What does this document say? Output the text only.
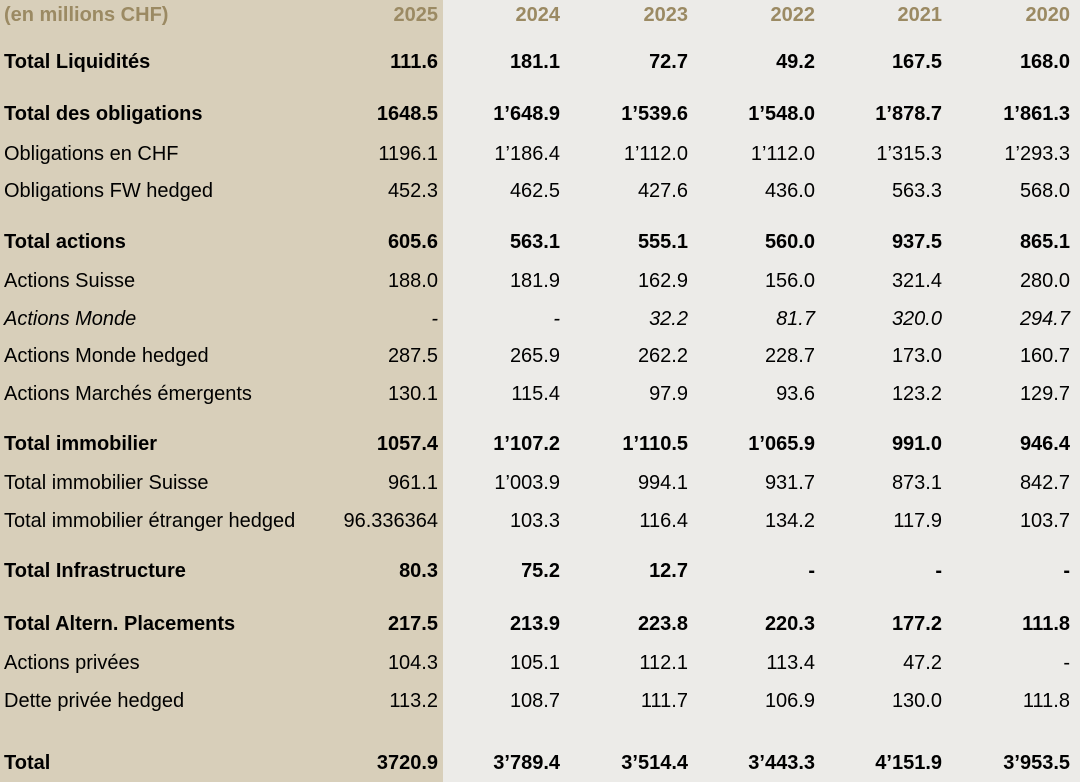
(en millions CHF)	2025	2024	2023	2022	2021	2020
Total Liquidités	111.6	181.1	72.7	49.2	167.5	168.0
Total des obligations	1648.5	1’648.9	1’539.6	1’548.0	1’878.7	1’861.3
Obligations en CHF	1196.1	1’186.4	1’112.0	1’112.0	1’315.3	1’293.3
Obligations FW hedged	452.3	462.5	427.6	436.0	563.3	568.0
Total actions	605.6	563.1	555.1	560.0	937.5	865.1
Actions Suisse	188.0	181.9	162.9	156.0	321.4	280.0
Actions Monde	-	-	32.2	81.7	320.0	294.7
Actions Monde hedged	287.5	265.9	262.2	228.7	173.0	160.7
Actions Marchés émergents	130.1	115.4	97.9	93.6	123.2	129.7
Total immobilier	1057.4	1’107.2	1’110.5	1’065.9	991.0	946.4
Total immobilier Suisse	961.1	1’003.9	994.1	931.7	873.1	842.7
Total immobilier étranger hedged 96.336364	103.3	116.4	134.2	117.9	103.7
Total Infrastructure	80.3	75.2	12.7	-	-	-
Total Altern. Placements	217.5	213.9	223.8	220.3	177.2	111.8
Actions privées	104.3	105.1	112.1	113.4	47.2	-
Dette privée hedged	113.2	108.7	111.7	106.9	130.0	111.8
Total	3720.9	3’789.4	3’514.4	3’443.3	4’151.9	3’953.5
